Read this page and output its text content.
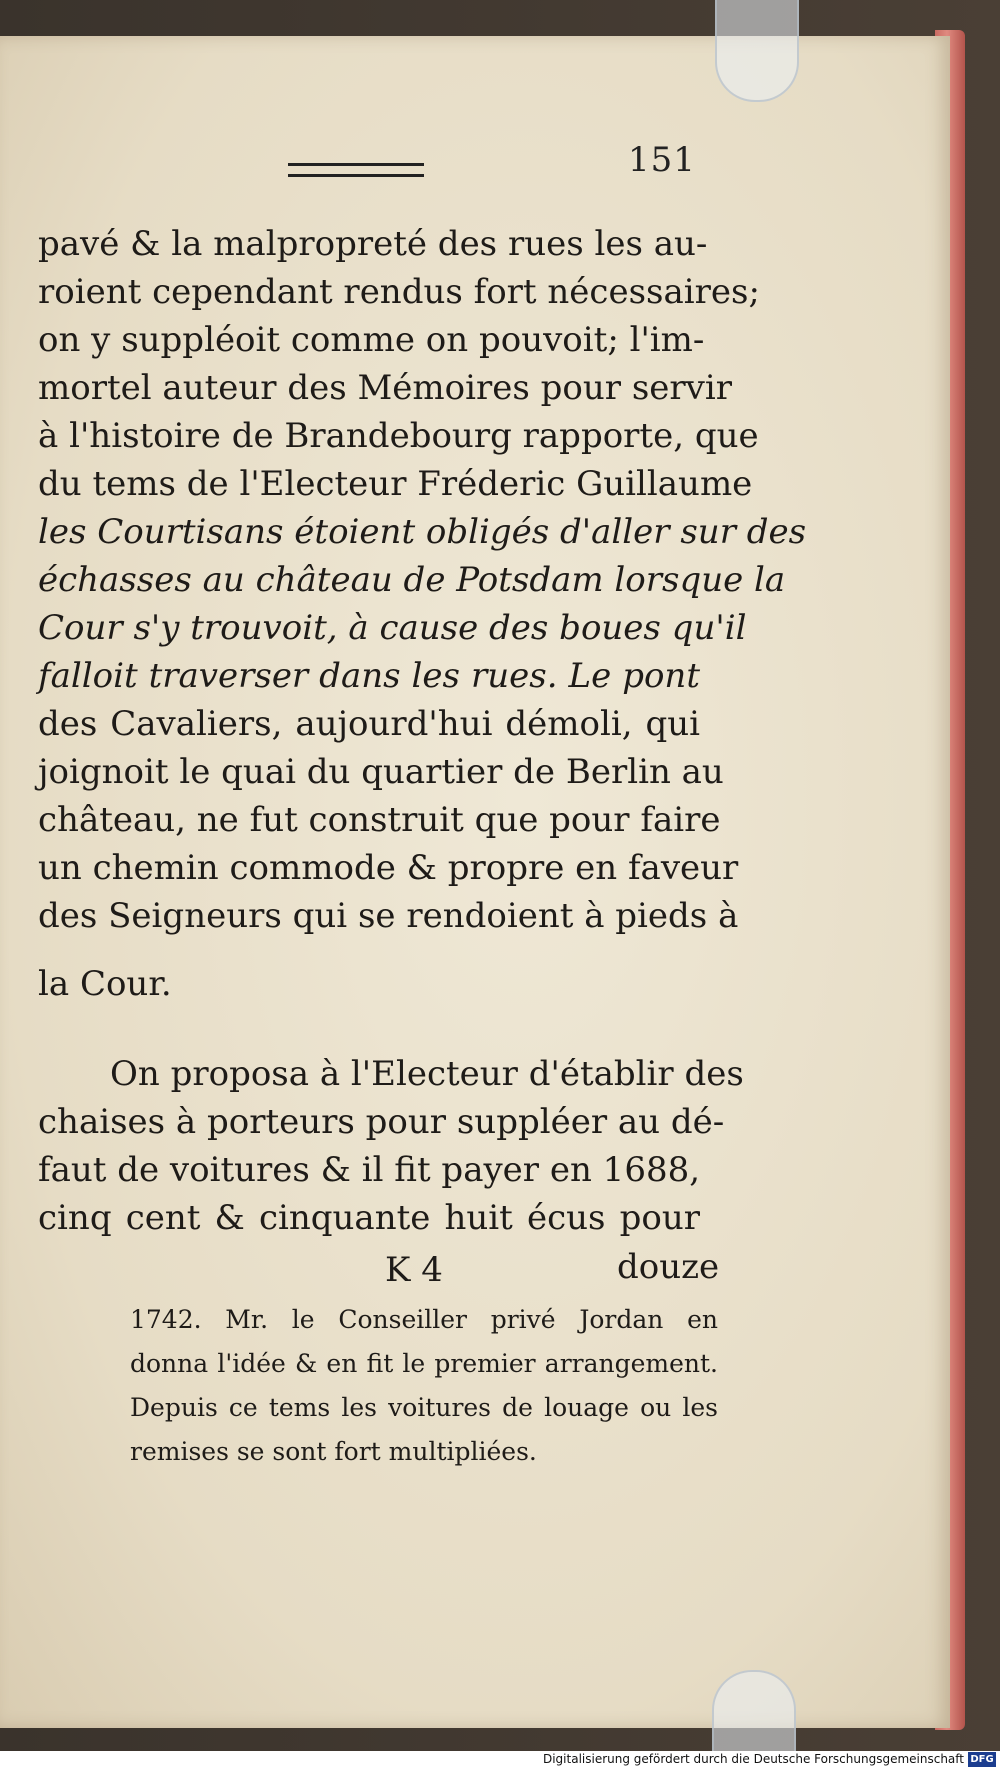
151
pavé & la malpropreté des rues les au-
roient cependant rendus fort nécessaires;
on y suppléoit comme on pouvoit; l'im-
mortel auteur des Mémoires pour servir
à l'histoire de Brandebourg rapporte, que
du tems de l'Electeur Fréderic Guillaume
les Courtisans étoient obligés d'aller sur des
échasses au château de Potsdam lorsque la
Cour s'y trouvoit, à cause des boues qu'il
falloit traverser dans les rues. Le pont
des Cavaliers, aujourd'hui démoli, qui
joignoit le quai du quartier de Berlin au
château, ne fut construit que pour faire
un chemin commode & propre en faveur
des Seigneurs qui se rendoient à pieds à
la Cour.
On proposa à l'Electeur d'établir des
chaises à porteurs pour suppléer au dé-
faut de voitures & il fit payer en 1688,
cinq cent & cinquante huit écus pour
K 4	douze
1742. Mr. le Conseiller privé Jordan en
donna l'idée & en fit le premier arrangement.
Depuis ce tems les voitures de louage ou les
remises se sont fort multipliées.
Digitalisierung gefördert durch die Deutsche Forschungsgemeinschaft DFG
